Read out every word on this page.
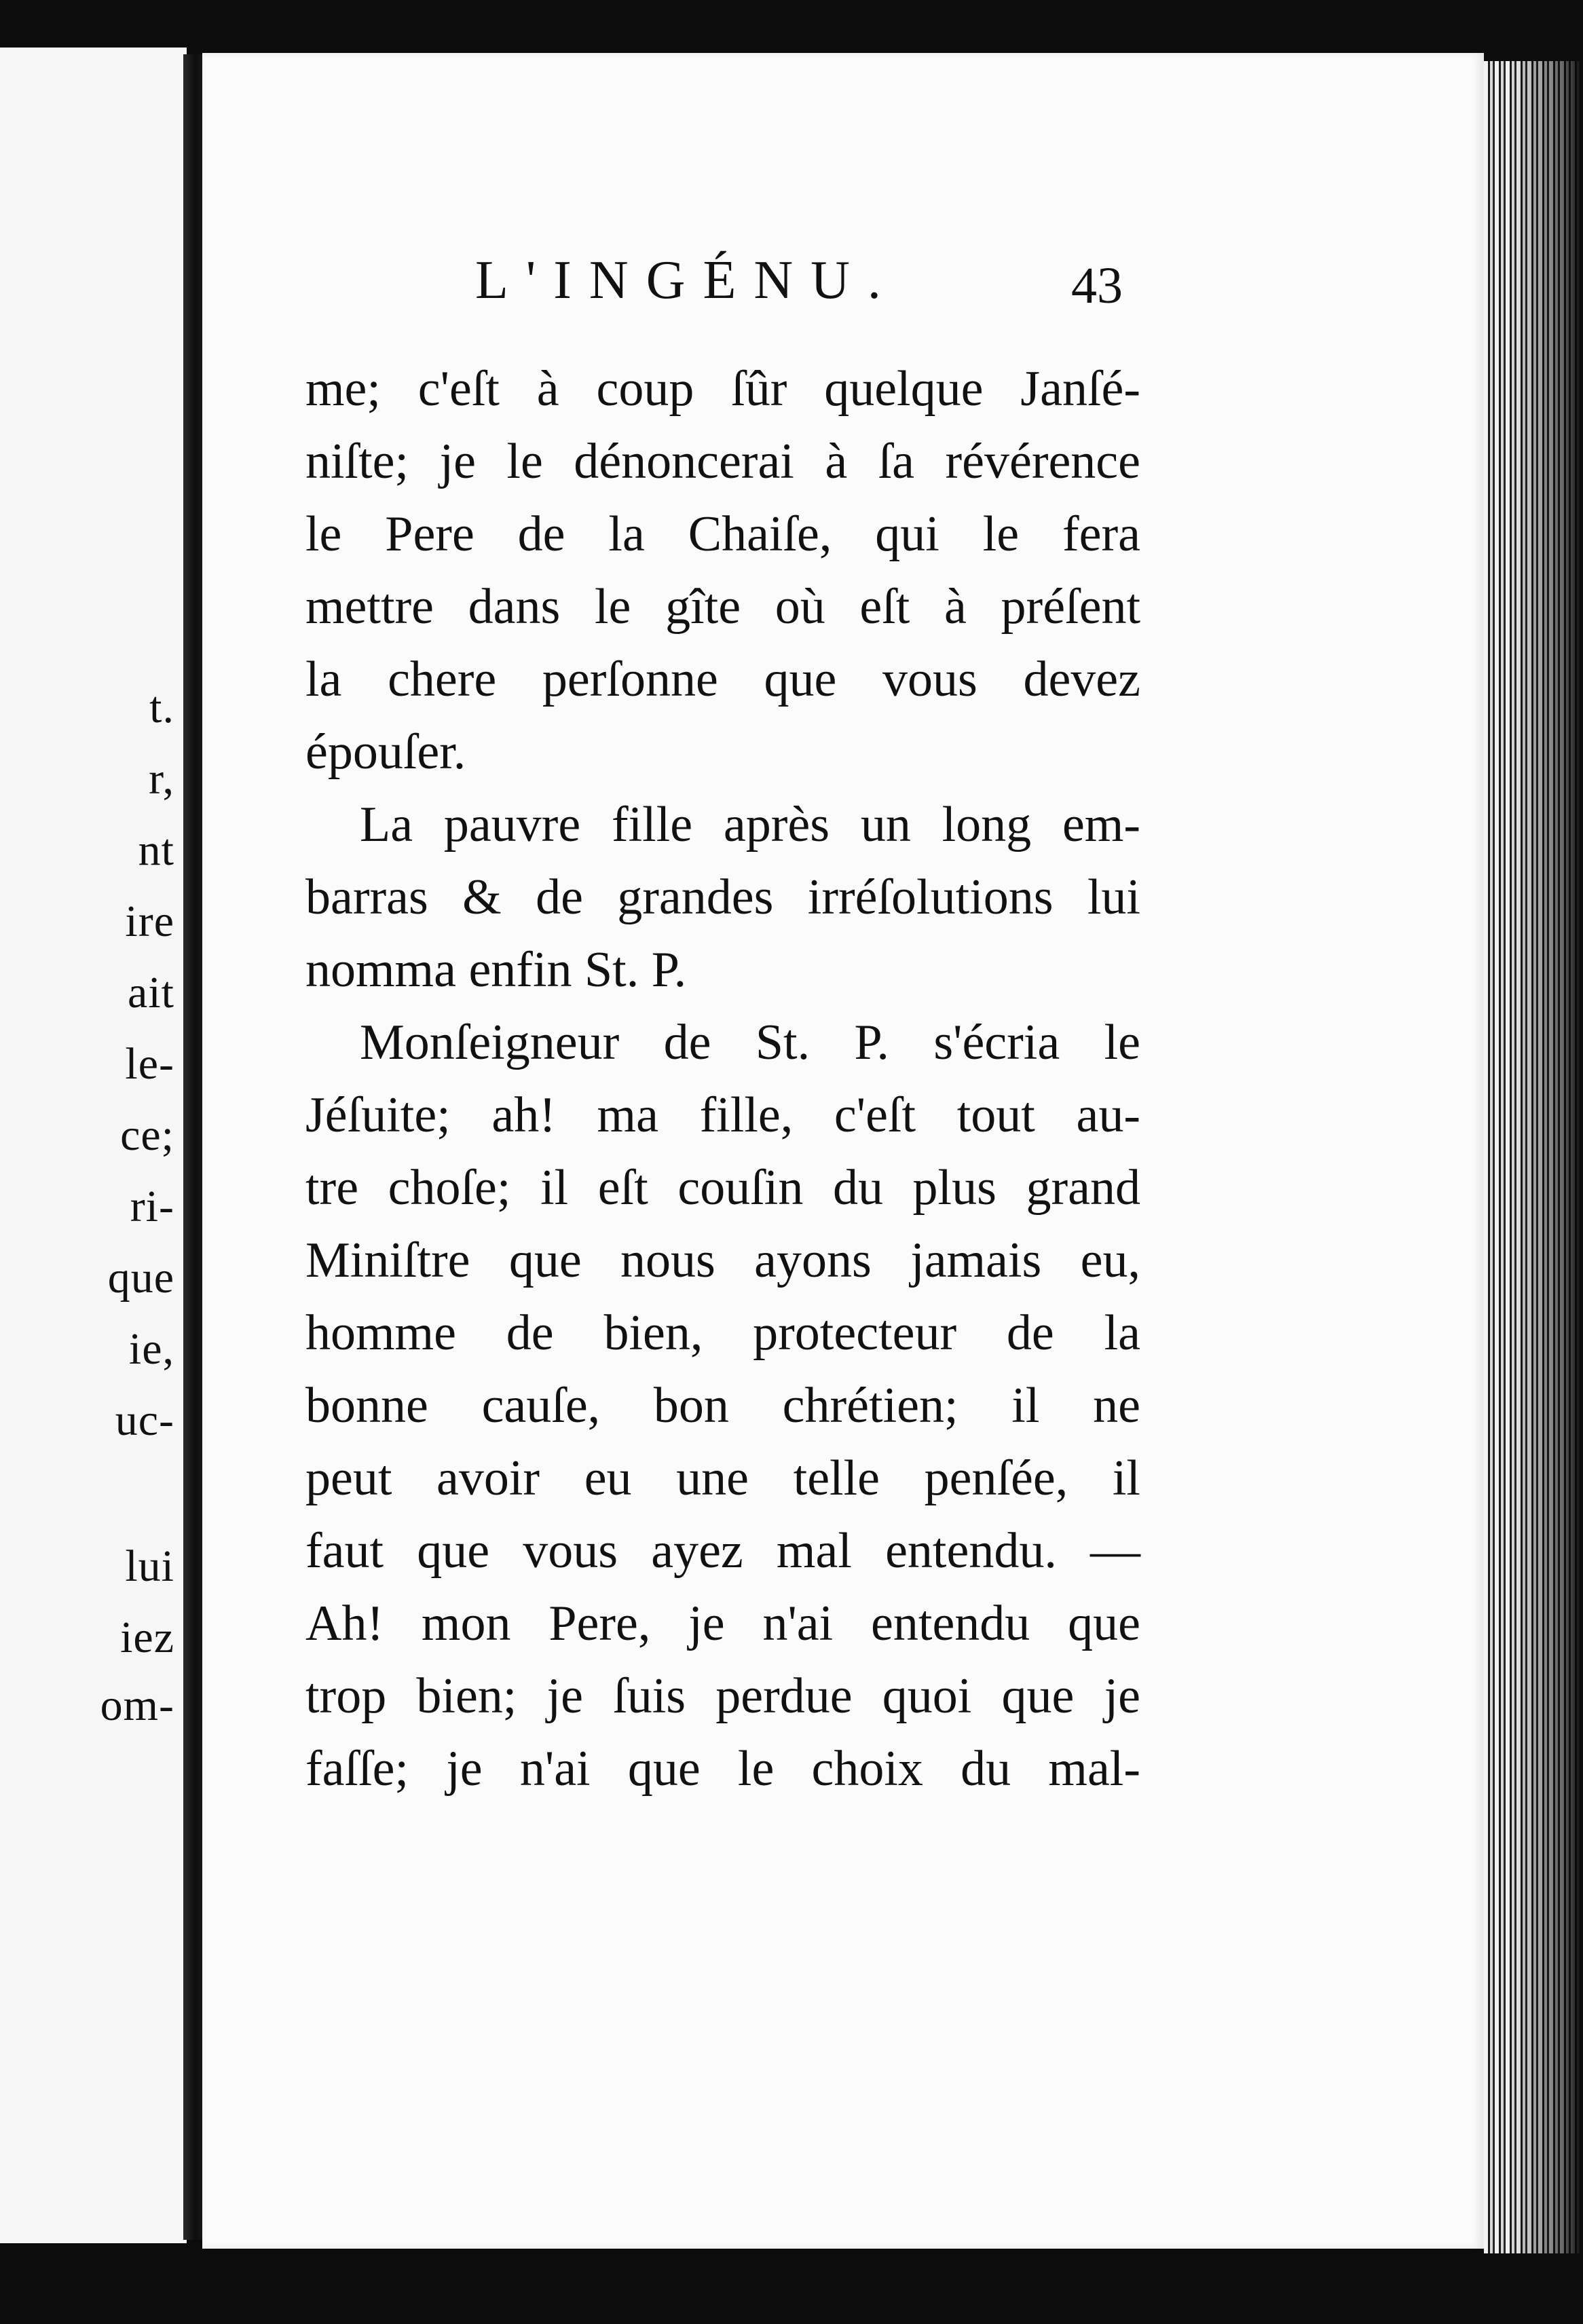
t.
r,
nt
ire
ait
le-
ce;
ri-
que
ie,
uc-
lui
iez
om-
L'INGÉNU.	43
me; c'eſt à coup ſûr quelque Janſé-
niſte; je le dénoncerai à ſa révérence
le Pere de la Chaiſe, qui le fera
mettre dans le gîte où eſt à préſent
la chere perſonne que vous devez
épouſer.
La pauvre fille après un long em-
barras & de grandes irréſolutions lui
nomma enfin St. P.
Monſeigneur de St. P. s'écria le
Jéſuite; ah! ma fille, c'eſt tout au-
tre choſe; il eſt couſin du plus grand
Miniſtre que nous ayons jamais eu,
homme de bien, protecteur de la
bonne cauſe, bon chrétien; il ne
peut avoir eu une telle penſée, il
faut que vous ayez mal entendu. —
Ah! mon Pere, je n'ai entendu que
trop bien; je ſuis perdue quoi que je
faſſe; je n'ai que le choix du mal-
